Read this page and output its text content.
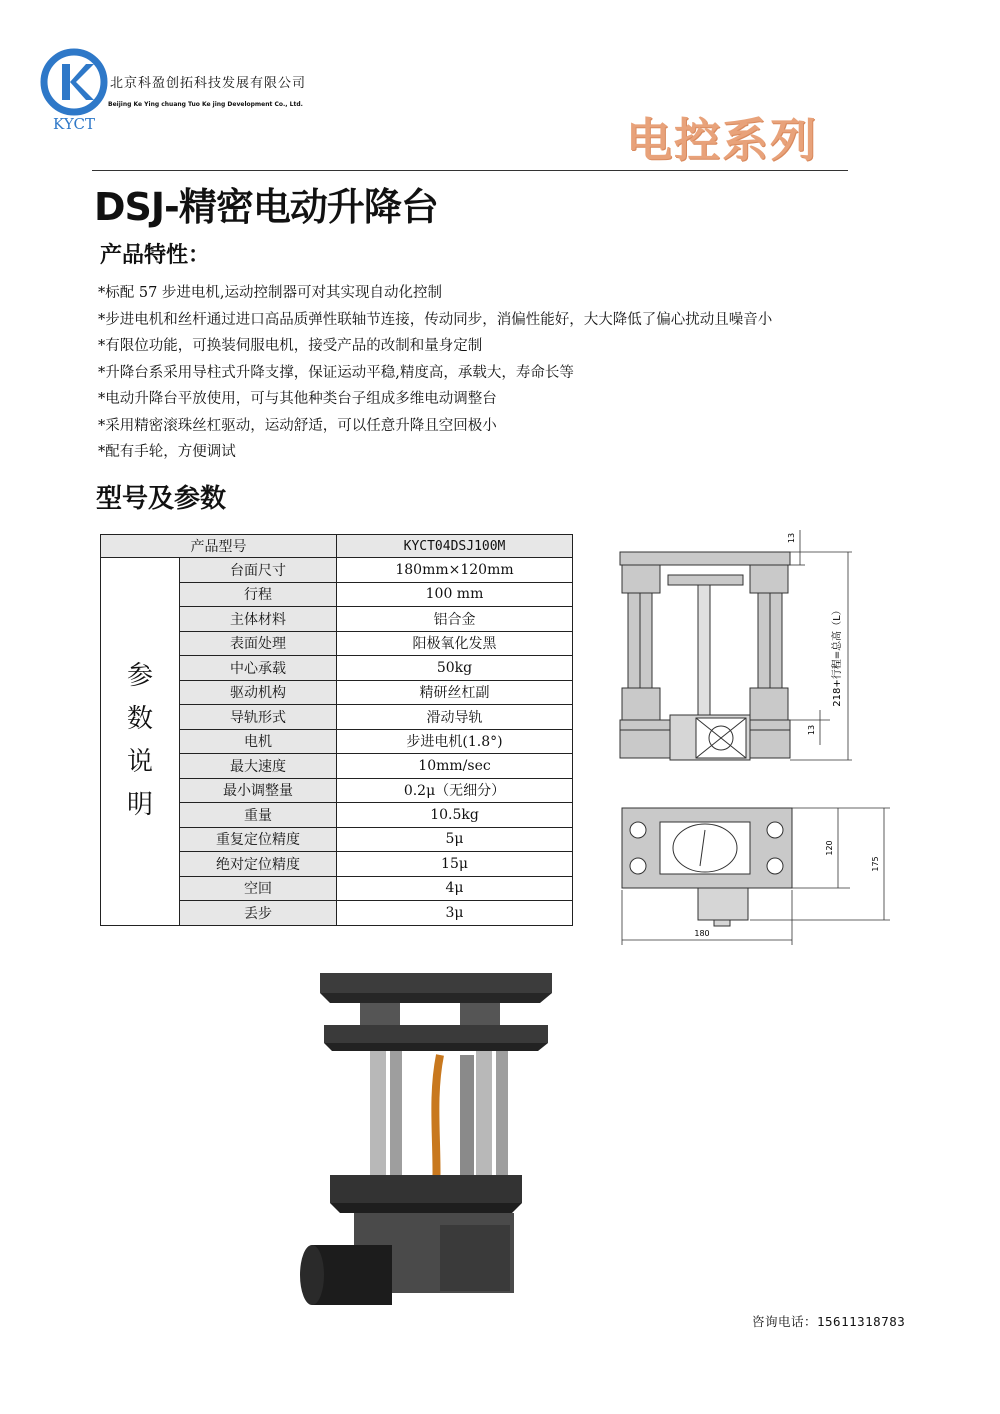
KYCT
北京科盈创拓科技发展有限公司
Beijing Ke Ying chuang Tuo Ke jing Development Co., Ltd.
电控系列
DSJ-精密电动升降台
产品特性：
*标配 57 步进电机,运动控制器可对其实现自动化控制
*步进电机和丝杆通过进口高品质弹性联轴节连接，传动同步，消偏性能好，大大降低了偏心扰动且噪音小
*有限位功能，可换装伺服电机，接受产品的改制和量身定制
*升降台系采用导柱式升降支撑，保证运动平稳,精度高，承载大，寿命长等
*电动升降台平放使用，可与其他种类台子组成多维电动调整台
*采用精密滚珠丝杠驱动，运动舒适，可以任意升降且空回极小
*配有手轮，方便调试
型号及参数
产品型号		KYCT04DSJ100M

参数说明	台面尺寸	180mm×120mm
	行程	100 mm
	主体材料	铝合金
	表面处理	阳极氧化发黑
	中心承载	50kg
	驱动机构	精研丝杠副
	导轨形式	滑动导轨
	电机	步进电机(1.8°)
	最大速度	10mm/sec
	最小调整量	0.2μ（无细分）
	重量	10.5kg
	重复定位精度	5μ
	绝对定位精度	15μ
	空回	4μ
	丢步	3μ
13
13
218+行程=总高（L）
120
175
180
咨询电话：15611318783
